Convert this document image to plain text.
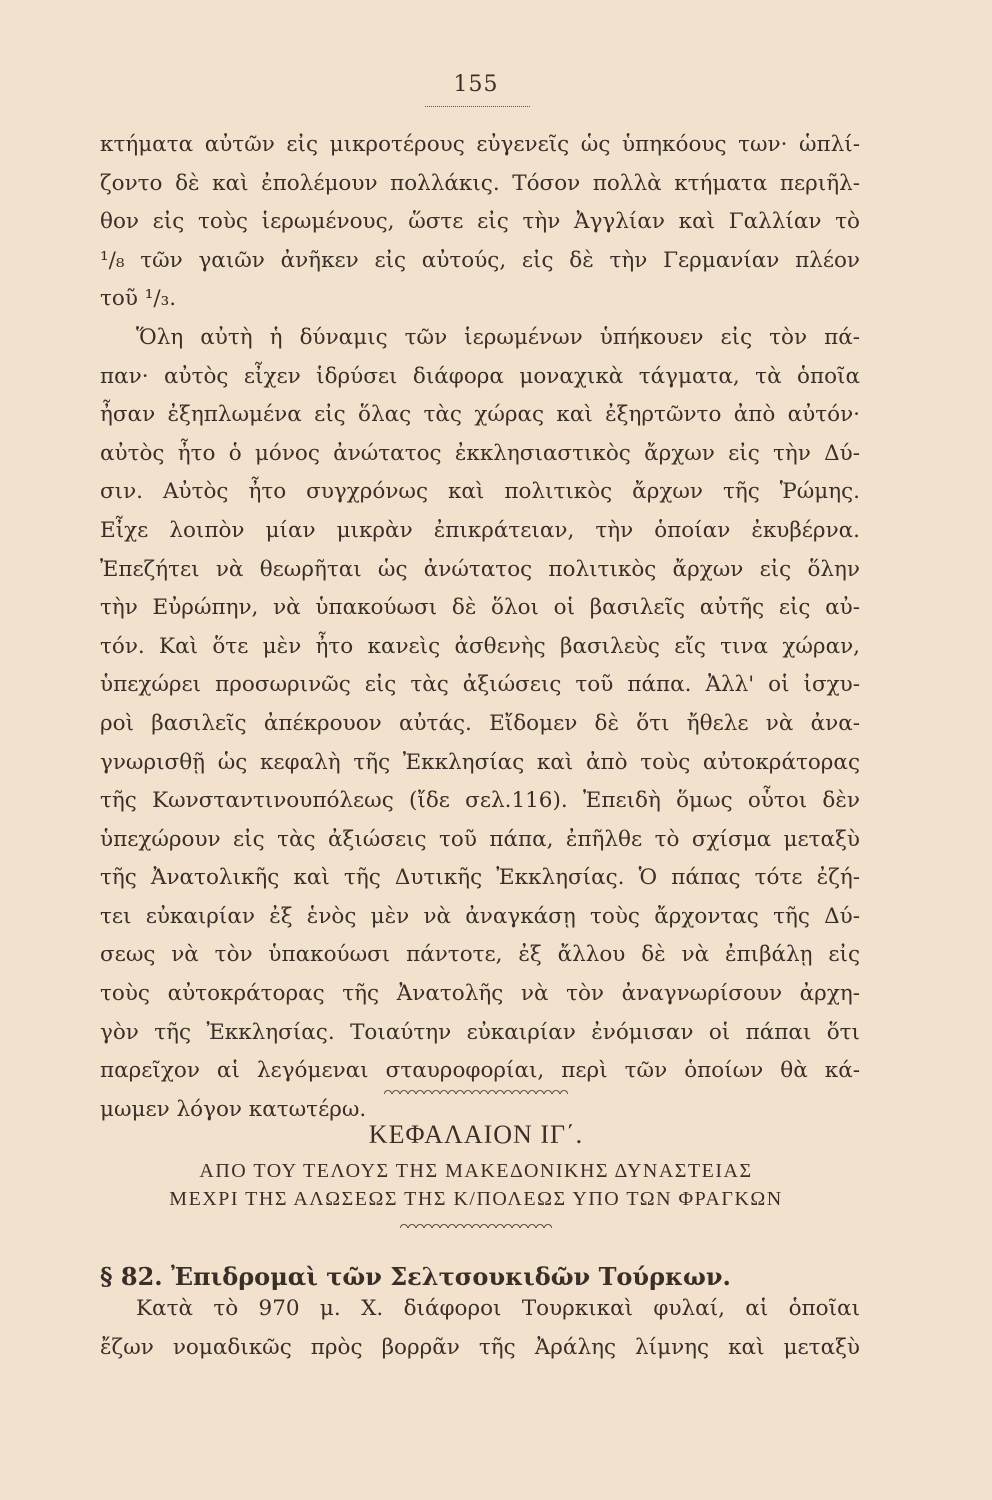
155
κτήματα αὐτῶν εἰς μικροτέρους εὐγενεῖς ὡς ὑπηκόους των· ὡπλί-
ζοντο δὲ καὶ ἐπολέμουν πολλάκις. Τόσον πολλὰ κτήματα περιῆλ-
θον εἰς τοὺς ἱερωμένους, ὥστε εἰς τὴν Ἀγγλίαν καὶ Γαλλίαν τὸ
¹/₈ τῶν γαιῶν ἀνῆκεν εἰς αὐτούς, εἰς δὲ τὴν Γερμανίαν πλέον
τοῦ ¹/₃.
Ὅλη αὐτὴ ἡ δύναμις τῶν ἱερωμένων ὑπήκουεν εἰς τὸν πά-
παν· αὐτὸς εἶχεν ἱδρύσει διάφορα μοναχικὰ τάγματα, τὰ ὁποῖα
ἦσαν ἐξηπλωμένα εἰς ὅλας τὰς χώρας καὶ ἐξηρτῶντο ἀπὸ αὐτόν·
αὐτὸς ἦτο ὁ μόνος ἀνώτατος ἐκκλησιαστικὸς ἄρχων εἰς τὴν Δύ-
σιν. Αὐτὸς ἦτο συγχρόνως καὶ πολιτικὸς ἄρχων τῆς Ῥώμης.
Εἶχε λοιπὸν μίαν μικρὰν ἐπικράτειαν, τὴν ὁποίαν ἐκυβέρνα.
Ἐπεζήτει νὰ θεωρῆται ὡς ἀνώτατος πολιτικὸς ἄρχων εἰς ὅλην
τὴν Εὐρώπην, νὰ ὑπακούωσι δὲ ὅλοι οἱ βασιλεῖς αὐτῆς εἰς αὐ-
τόν. Καὶ ὅτε μὲν ἦτο κανεὶς ἀσθενὴς βασιλεὺς εἴς τινα χώραν,
ὑπεχώρει προσωρινῶς εἰς τὰς ἀξιώσεις τοῦ πάπα. Ἀλλ' οἱ ἰσχυ-
ροὶ βασιλεῖς ἀπέκρουον αὐτάς. Εἴδομεν δὲ ὅτι ἤθελε νὰ ἀνα-
γνωρισθῇ ὡς κεφαλὴ τῆς Ἐκκλησίας καὶ ἀπὸ τοὺς αὐτοκράτορας
τῆς Κωνσταντινουπόλεως (ἴδε σελ.116). Ἐπειδὴ ὅμως οὗτοι δὲν
ὑπεχώρουν εἰς τὰς ἀξιώσεις τοῦ πάπα, ἐπῆλθε τὸ σχίσμα μεταξὺ
τῆς Ἀνατολικῆς καὶ τῆς Δυτικῆς Ἐκκλησίας. Ὁ πάπας τότε ἐζή-
τει εὐκαιρίαν ἐξ ἑνὸς μὲν νὰ ἀναγκάσῃ τοὺς ἄρχοντας τῆς Δύ-
σεως νὰ τὸν ὑπακούωσι πάντοτε, ἐξ ἄλλου δὲ νὰ ἐπιβάλῃ εἰς
τοὺς αὐτοκράτορας τῆς Ἀνατολῆς νὰ τὸν ἀναγνωρίσουν ἀρχη-
γὸν τῆς Ἐκκλησίας. Τοιαύτην εὐκαιρίαν ἐνόμισαν οἱ πάπαι ὅτι
παρεῖχον αἱ λεγόμεναι σταυροφορίαι, περὶ τῶν ὁποίων θὰ κά-
μωμεν λόγον κατωτέρω.
ΚΕΦΑΛΑΙΟΝ ΙΓ΄.
ΑΠΟ ΤΟΥ ΤΕΛΟΥΣ ΤΗΣ ΜΑΚΕΔΟΝΙΚΗΣ ΔΥΝΑΣΤΕΙΑΣ
ΜΕΧΡΙ ΤΗΣ ΑΛΩΣΕΩΣ ΤΗΣ Κ/ΠΟΛΕΩΣ ΥΠΟ ΤΩΝ ΦΡΑΓΚΩΝ
§ 82. Ἐπιδρομαὶ τῶν Σελτσουκιδῶν Τούρκων.
Κατὰ τὸ 970 μ. Χ. διάφοροι Τουρκικαὶ φυλαί, αἱ ὁποῖαι
ἔζων νομαδικῶς πρὸς βορρᾶν τῆς Ἀράλης λίμνης καὶ μεταξὺ
